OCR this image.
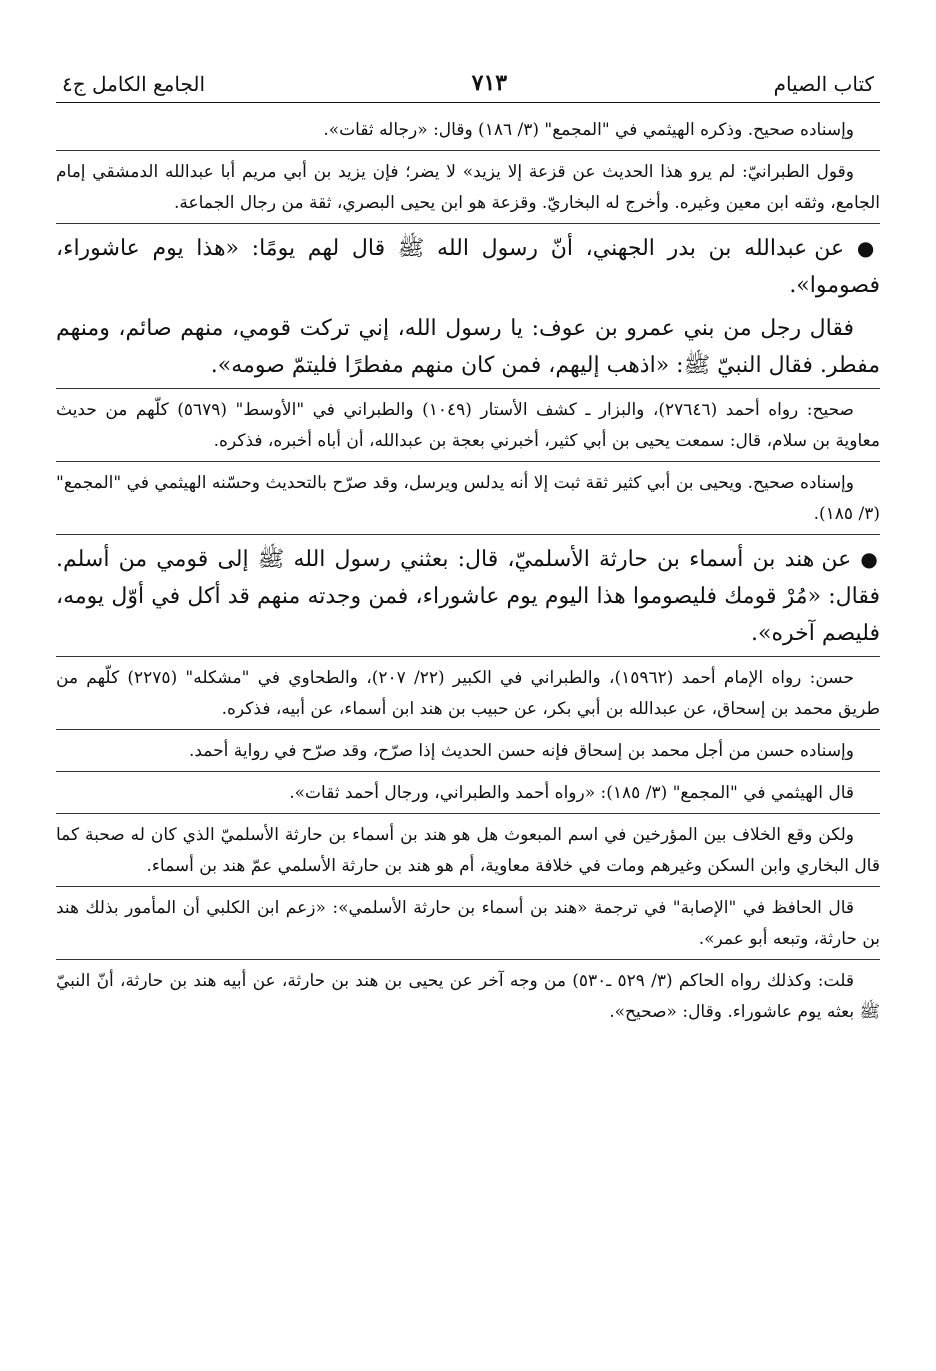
كتاب الصيام
٧١٣
الجامع الكامل ج٤

وإسناده صحيح. وذكره الهيثمي في "المجمع" (٣/ ١٨٦) وقال: «رجاله ثقات».

وقول الطبرانيّ: لم يرو هذا الحديث عن قزعة إلا يزيد» لا يضر؛ فإن يزيد بن أبي مريم أبا عبدالله الدمشقي إمام الجامع، وثقه ابن معين وغيره. وأخرج له البخاريّ. وقزعة هو ابن يحيى البصري، ثقة من رجال الجماعة.

● عن عبدالله بن بدر الجهني، أنّ رسول الله ﷺ قال لهم يومًا: «هذا يوم عاشوراء، فصوموا».

فقال رجل من بني عمرو بن عوف: يا رسول الله، إني تركت قومي، منهم صائم، ومنهم مفطر. فقال النبيّ ﷺ: «اذهب إليهم، فمن كان منهم مفطرًا فليتمّ صومه».

صحيح: رواه أحمد (٢٧٦٤٦)، والبزار ـ كشف الأستار (١٠٤٩) والطبراني في "الأوسط" (٥٦٧٩) كلّهم من حديث معاوية بن سلام، قال: سمعت يحيى بن أبي كثير، أخبرني بعجة بن عبدالله، أن أباه أخبره، فذكره.

وإسناده صحيح. ويحيى بن أبي كثير ثقة ثبت إلا أنه يدلس ويرسل، وقد صرّح بالتحديث وحسّنه الهيثمي في "المجمع" (٣/ ١٨٥).

● عن هند بن أسماء بن حارثة الأسلميّ، قال: بعثني رسول الله ﷺ إلى قومي من أسلم. فقال: «مُرْ قومك فليصوموا هذا اليوم يوم عاشوراء، فمن وجدته منهم قد أكل في أوّل يومه، فليصم آخره».

حسن: رواه الإمام أحمد (١٥٩٦٢)، والطبراني في الكبير (٢٢/ ٢٠٧)، والطحاوي في "مشكله" (٢٢٧٥) كلّهم من طريق محمد بن إسحاق، عن عبدالله بن أبي بكر، عن حبيب بن هند ابن أسماء، عن أبيه، فذكره.

وإسناده حسن من أجل محمد بن إسحاق فإنه حسن الحديث إذا صرّح، وقد صرّح في رواية أحمد.

قال الهيثمي في "المجمع" (٣/ ١٨٥): «رواه أحمد والطبراني، ورجال أحمد ثقات».

ولكن وقع الخلاف بين المؤرخين في اسم المبعوث هل هو هند بن أسماء بن حارثة الأسلميّ الذي كان له صحبة كما قال البخاري وابن السكن وغيرهم ومات في خلافة معاوية، أم هو هند بن حارثة الأسلمي عمّ هند بن أسماء.

قال الحافظ في "الإصابة" في ترجمة «هند بن أسماء بن حارثة الأسلمي»: «زعم ابن الكلبي أن المأمور بذلك هند بن حارثة، وتبعه أبو عمر».

قلت: وكذلك رواه الحاكم (٣/ ٥٢٩ ـ٥٣٠) من وجه آخر عن يحيى بن هند بن حارثة، عن أبيه هند بن حارثة، أنّ النبيّ ﷺ بعثه يوم عاشوراء. وقال: «صحيح».
